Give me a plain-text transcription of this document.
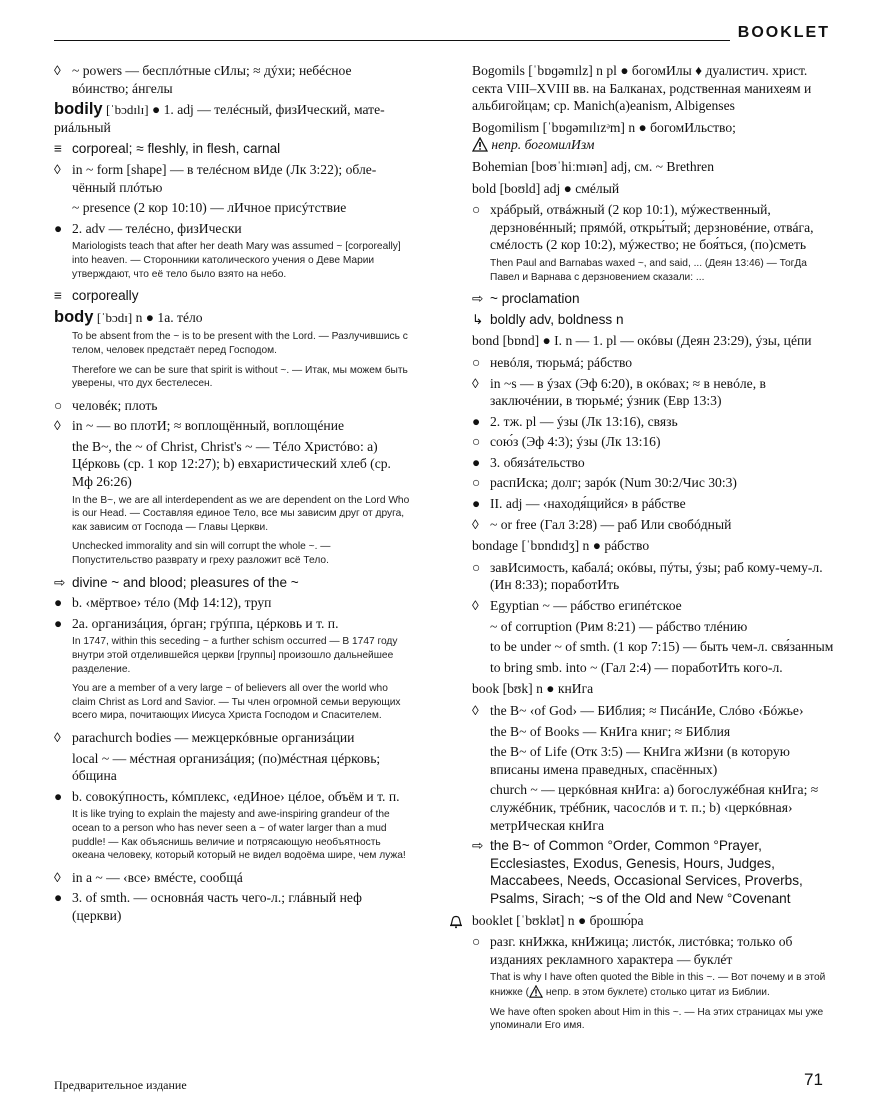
BOOKLET
◊ ~ powers — бесплóтные сИлы; ≈ дýхи; небéсное
вóинство; áнгелы

bodily [ˈbɔdɪlɪ] ● 1. adj — телéсный, физИческий, мате-
риáльный

≡ corporeal; ≈ fleshly, in flesh, carnal
◊ in ~ form [shape] — в телéсном вИде (Лк 3:22); обле-
чённый плóтью
~ presence (2 кор 10:10) — лИчное присýтствие
● 2. adv — телéсно, физИчески
Mariologists teach that after her death Mary was assumed ~ [corporeally] into heaven. — Сторонники католического учения о Деве Марии утверждают, что её тело было взято на небо.
≡ corporeally

body [ˈbɔdɪ] n ● 1a. тéло

To be absent from the ~ is to be present with the Lord. — Разлучившись с телом, человек предстаёт перед Господом.
Therefore we can be sure that spirit is without ~. — Итак, мы можем быть уверены, что дух бестелесен.
○ человéк; плоть
◊ in ~ — во плотИ; ≈ воплощённый, воплощéние
the B~, the ~ of Christ, Christ's ~ — Тéло Христóво: a) Цéрковь (ср. 1 кор 12:27); b) евхаристический хлеб (ср. Мф 26:26)
In the B~, we are all interdependent as we are dependent on the Lord Who is our Head. — Составляя единое Тело, все мы зависим друг от друга, как зависим от Господа — Главы Церкви.
Unchecked immorality and sin will corrupt the whole ~. — Попустительство разврату и греху разложит всё Тело.
⇨ divine ~ and blood; pleasures of the ~
● b. ‹мёртвое› тéло (Мф 14:12), труп
● 2a. организáция, óрган; грýппа, цéрковь и т. п.
In 1747, within this seceding ~ a further schism occurred — В 1747 году внутри этой отделившейся церкви [группы] произошло дальнейшее разделение.
You are a member of a very large ~ of believers all over the world who claim Christ as Lord and Savior. — Ты член огромной семьи верующих всего мира, почитающих Иисуса Христа Господом и Спасителем.
◊ parachurch bodies — межцеркóвные организáции
local ~ — мéстная организáция; (по)мéстная цéрковь; óбщина
● b. совокýпность, кóмплекс, ‹едИное› цéлое, объём и т. п.
It is like trying to explain the majesty and awe-inspiring grandeur of the ocean to a person who has never seen a ~ of water larger than a mud puddle! — Как объяснишь величие и потрясающую необъятность океана человеку, который который не видел водоёма шире, чем лужа!
◊ in a ~ — ‹все› вмéсте, сообщá
● 3. of smth. — основнáя часть чего-л.; глáвный неф (церкви)

Bogomils [ˈbɒɡəmɪlz] n pl ● богомИлы ♦ дуалистич. христ. секта VIII–XVIII вв. на Балканах, родственная манихеям и альбигойцам; ср. Manich(a)eanism, Albigenses

Bogomilism [ˈbɒɡəmɪlɪzᵊm] n ● богомИльство;
непр. богомилИзм

Bohemian [boʊˈhiːmɪən] adj, см. ~ Brethren

bold [boʊld] adj ● смéлый

○ хрáбрый, отвáжный (2 кор 10:1), мýжественный, дерзновéнный; прямóй, откры́тый; дерзновéние, отвáга, смéлость (2 кор 10:2), мýжество; не боя́ться, (по)сметь
Then Paul and Barnabas waxed ~, and said, ... (Деян 13:46) — ТогДа Павел и Варнава с дерзновением сказали: ...
⇨ ~ proclamation
↳ boldly adv, boldness n

bond [bɒnd] ● I. n — 1. pl — окóвы (Деян 23:29), ýзы, цéпи

○ невóля, тюрьмá; рáбство
◊ in ~s — в ýзах (Эф 6:20), в окóвах; ≈ в невóле, в заключéнии, в тюрьмé; ýзник (Евр 13:3)
● 2. тж. pl — ýзы (Лк 13:16), связь
○ сою́з (Эф 4:3); ýзы (Лк 13:16)
● 3. обязáтельство
○ распИска; долг; зарóк (Num 30:2/Чис 30:3)
● II. adj — ‹находя́щийся› в рáбстве
◊ ~ or free (Гал 3:28) — раб Или свобóдный

bondage [ˈbɒndɪdʒ] n ● рáбство

○ завИсимость, кабалá; окóвы, пýты, ýзы; раб кому-чему-л. (Ин 8:33); поработИть
◊ Egyptian ~ — рáбство египéтское
~ of corruption (Рим 8:21) — рáбство тлéнию
to be under ~ of smth. (1 кор 7:15) — быть чем-л. свя́занным
to bring smb. into ~ (Гал 2:4) — поработИть кого-л.

book [bʊk] n ● кнИга

◊ the B~ ‹of God› — БИблия; ≈ ПисáнИе, Слóво ‹Бóжье›
the B~ of Books — КнИга книг; ≈ БИблия
the B~ of Life (Отк 3:5) — КнИга жИзни (в которую вписаны имена праведных, спасённых)
church ~ — церкóвная кнИга: a) богослужéбная кнИга; ≈ служéбник, трéбник, часослóв и т. п.; b) ‹церкóвная› метрИческая кнИга
⇨ the B~ of Common °Order, Common °Prayer, Ecclesiastes, Exodus, Genesis, Hours, Judges, Maccabees, Needs, Occasional Services, Proverbs, Psalms, Sirach; ~s of the Old and New °Covenant

booklet [ˈbʊklət] n ● брошю́ра

○ разг. кнИжка, кнИжица; листóк, листóвка; только об изданиях рекламного характера — буклéт
That is why I have often quoted the Bible in this ~. — Вот почему и в этой книжке ( непр. в этом буклете) столько цитат из Библии.
We have often spoken about Him in this ~. — На этих страницах мы уже упоминали Его имя.
Предварительное издание	71
